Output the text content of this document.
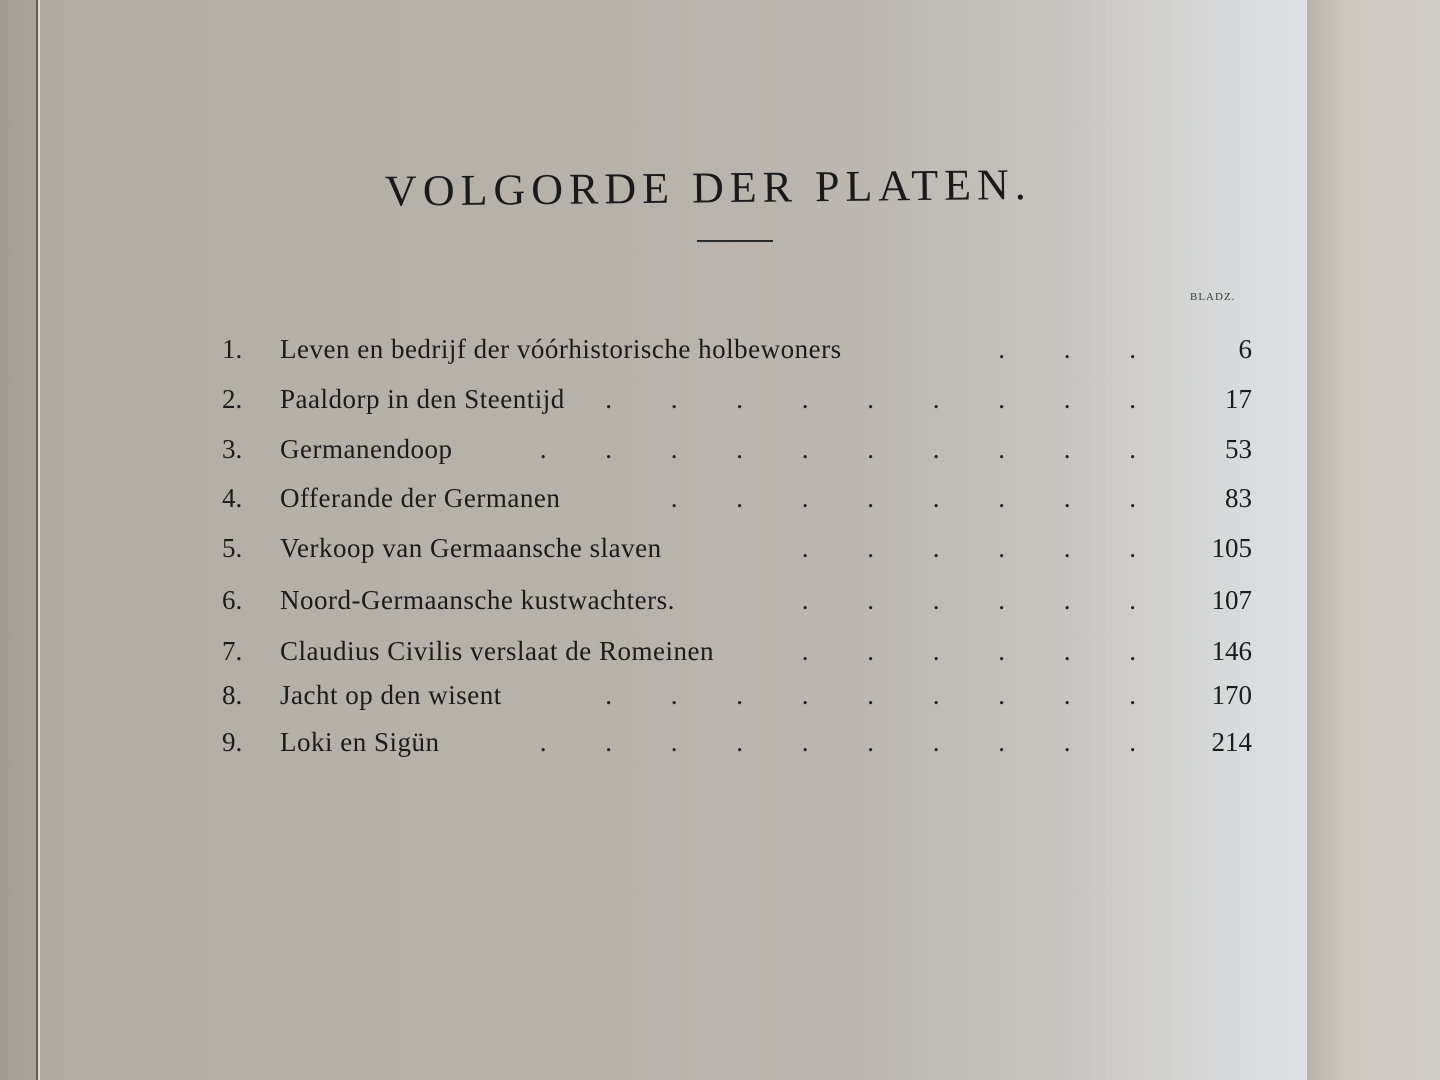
VOLGORDE DER PLATEN.
BLADZ.
1.	Leven en bedrijf der vóórhistorische holbewoners	. . .	6
2.	Paaldorp in den Steentijd . . . . . . . . . 17
3.	Germanendoop	. . . . . . . . . . 53
4.	Offerande der Germanen	. . . . . . . . 83
5.	Verkoop van Germaansche slaven	. . . . . . 105
6.	Noord-Germaansche kustwachters.	. . . . . . 107
7.	Claudius Civilis verslaat de Romeinen	. . . . . . 146
8.	Jacht op den wisent	. . . . . . . . . 170
9.	Loki en Sigün	. . . . . . . . . . 214
